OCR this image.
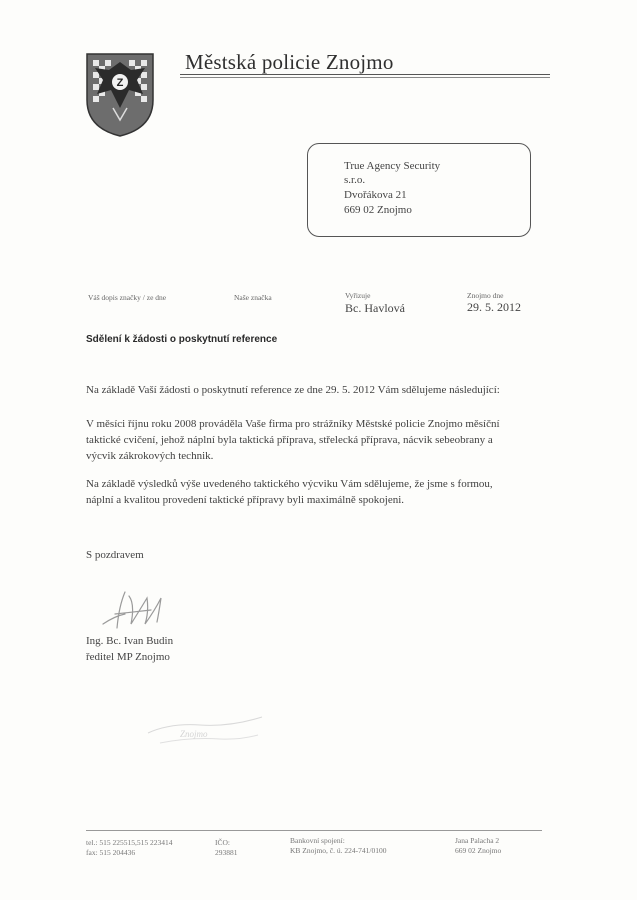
Z
Městská policie Znojmo
True Agency Security
s.r.o.
Dvořákova 21
669 02 Znojmo
Váš dopis značky / ze dne	Naše značka	Vyřizuje
Bc. Havlová
Znojmo dne
29. 5. 2012
Sdělení k žádosti o poskytnutí reference
Na základě Vaší žádosti o poskytnutí reference ze dne 29. 5. 2012 Vám sdělujeme následující:
V měsíci říjnu roku 2008 prováděla Vaše firma pro strážníky Městské policie Znojmo měsíční
taktické cvičení, jehož náplní byla taktická příprava, střelecká příprava, nácvik sebeobrany a
výcvik zákrokových technik.
Na základě výsledků výše uvedeného taktického výcviku Vám sdělujeme, že jsme s formou,
náplní a kvalitou provedení taktické přípravy byli maximálně spokojeni.
S pozdravem
Ing. Bc. Ivan Budin
ředitel MP Znojmo
Znojmo
tel.: 515 225515,515 223414
fax: 515 204436
IČO:
293881
Bankovní spojení:
KB Znojmo, č. ú. 224-741/0100
Jana Palacha 2
669 02 Znojmo
